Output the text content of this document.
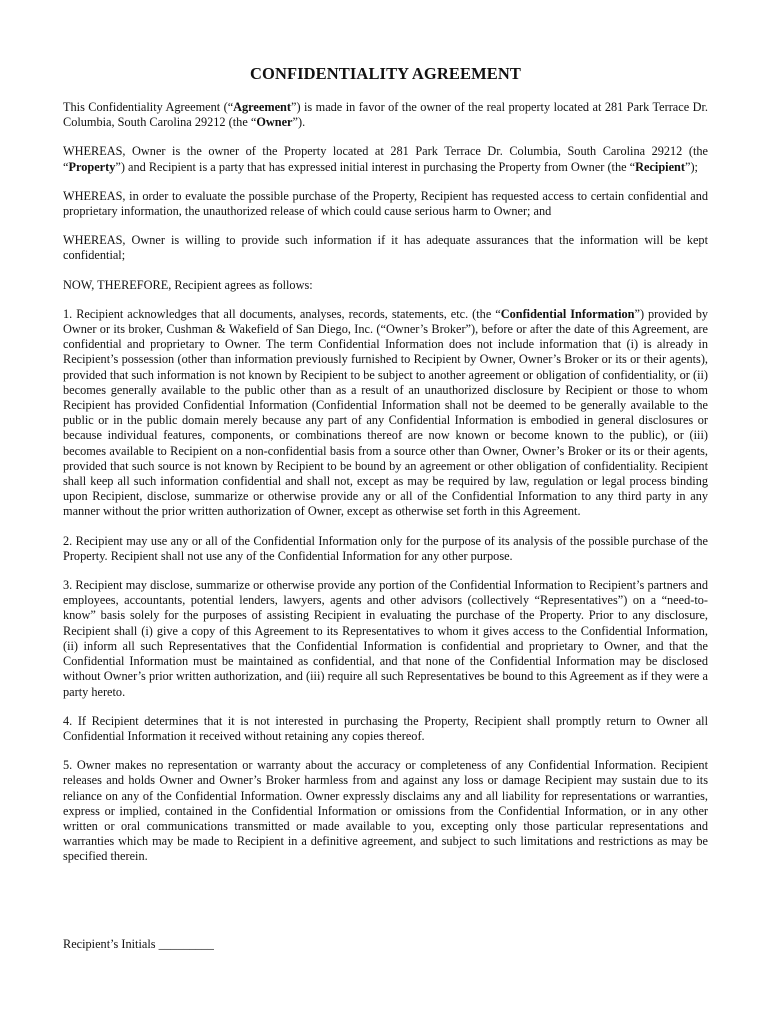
CONFIDENTIALITY AGREEMENT

This Confidentiality Agreement (“Agreement”) is made in favor of the owner of the real property located at 281 Park Terrace Dr. Columbia, South Carolina 29212 (the “Owner”).

WHEREAS, Owner is the owner of the Property located at 281 Park Terrace Dr. Columbia, South Carolina 29212 (the “Property”) and Recipient is a party that has expressed initial interest in purchasing the Property from Owner (the “Recipient”);

WHEREAS, in order to evaluate the possible purchase of the Property, Recipient has requested access to certain confidential and proprietary information, the unauthorized release of which could cause serious harm to Owner; and

WHEREAS, Owner is willing to provide such information if it has adequate assurances that the information will be kept confidential;

NOW, THEREFORE, Recipient agrees as follows:

1. Recipient acknowledges that all documents, analyses, records, statements, etc. (the “Confidential Information”) provided by Owner or its broker, Cushman & Wakefield of San Diego, Inc. (“Owner’s Broker”), before or after the date of this Agreement, are confidential and proprietary to Owner. The term Confidential Information does not include information that (i) is already in Recipient’s possession (other than information previously furnished to Recipient by Owner, Owner’s Broker or its or their agents), provided that such information is not known by Recipient to be subject to another agreement or obligation of confidentiality, or (ii) becomes generally available to the public other than as a result of an unauthorized disclosure by Recipient or those to whom Recipient has provided Confidential Information (Confidential Information shall not be deemed to be generally available to the public or in the public domain merely because any part of any Confidential Information is embodied in general disclosures or because individual features, components, or combinations thereof are now known or become known to the public), or (iii) becomes available to Recipient on a non-confidential basis from a source other than Owner, Owner’s Broker or its or their agents, provided that such source is not known by Recipient to be bound by an agreement or other obligation of confidentiality. Recipient shall keep all such information confidential and shall not, except as may be required by law, regulation or legal process binding upon Recipient, disclose, summarize or otherwise provide any or all of the Confidential Information to any third party in any manner without the prior written authorization of Owner, except as otherwise set forth in this Agreement.

2. Recipient may use any or all of the Confidential Information only for the purpose of its analysis of the possible purchase of the Property. Recipient shall not use any of the Confidential Information for any other purpose.

3. Recipient may disclose, summarize or otherwise provide any portion of the Confidential Information to Recipient’s partners and employees, accountants, potential lenders, lawyers, agents and other advisors (collectively “Representatives”) on a “need-to-know” basis solely for the purposes of assisting Recipient in evaluating the purchase of the Property. Prior to any disclosure, Recipient shall (i) give a copy of this Agreement to its Representatives to whom it gives access to the Confidential Information, (ii) inform all such Representatives that the Confidential Information is confidential and proprietary to Owner, and that the Confidential Information must be maintained as confidential, and that none of the Confidential Information may be disclosed without Owner’s prior written authorization, and (iii) require all such Representatives be bound to this Agreement as if they were a party hereto.

4. If Recipient determines that it is not interested in purchasing the Property, Recipient shall promptly return to Owner all Confidential Information it received without retaining any copies thereof.

5. Owner makes no representation or warranty about the accuracy or completeness of any Confidential Information. Recipient releases and holds Owner and Owner’s Broker harmless from and against any loss or damage Recipient may sustain due to its reliance on any of the Confidential Information. Owner expressly disclaims any and all liability for representations or warranties, express or implied, contained in the Confidential Information or omissions from the Confidential Information, or in any other written or oral communications transmitted or made available to you, excepting only those particular representations and warranties which may be made to Recipient in a definitive agreement, and subject to such limitations and restrictions as may be specified therein.

Recipient’s Initials _________
